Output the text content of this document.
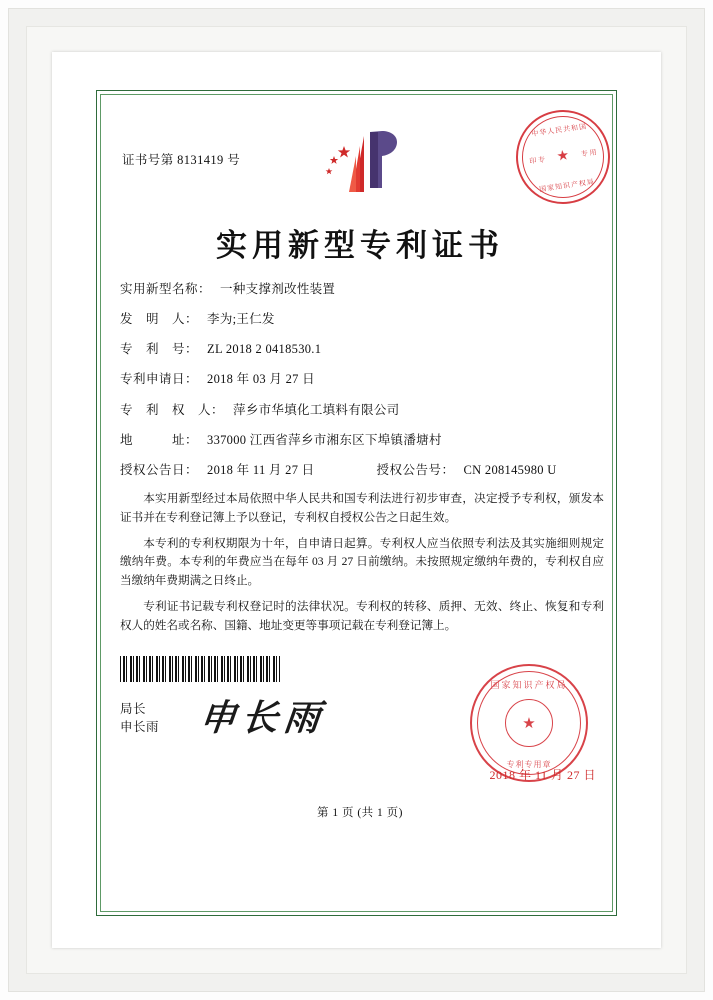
证书号第 8131419 号
中华人民共和国
印 专
专 用
★
国家知识产权局
实用新型专利证书
实用新型名称： 一种支撑剂改性装置
发　明　人： 李为;王仁发
专　利　号： ZL 2018 2 0418530.1
专利申请日： 2018 年 03 月 27 日
专　利　权　人： 萍乡市华填化工填料有限公司
地　　　址： 337000 江西省萍乡市湘东区下埠镇潘塘村
授权公告日： 2018 年 11 月 27 日	授权公告号： CN 208145980 U

本实用新型经过本局依照中华人民共和国专利法进行初步审查，决定授予专利权，颁发本证书并在专利登记簿上予以登记，专利权自授权公告之日起生效。

本专利的专利权期限为十年，自申请日起算。专利权人应当依照专利法及其实施细则规定缴纳年费。本专利的年费应当在每年 03 月 27 日前缴纳。未按照规定缴纳年费的，专利权自应当缴纳年费期满之日终止。

专利证书记载专利权登记时的法律状况。专利权的转移、质押、无效、终止、恢复和专利权人的姓名或名称、国籍、地址变更等事项记载在专利登记簿上。

局长
申长雨 申长雨
国家知识产权局
★
专利专用章
2018 年 11 月 27 日
第 1 页 (共 1 页)
